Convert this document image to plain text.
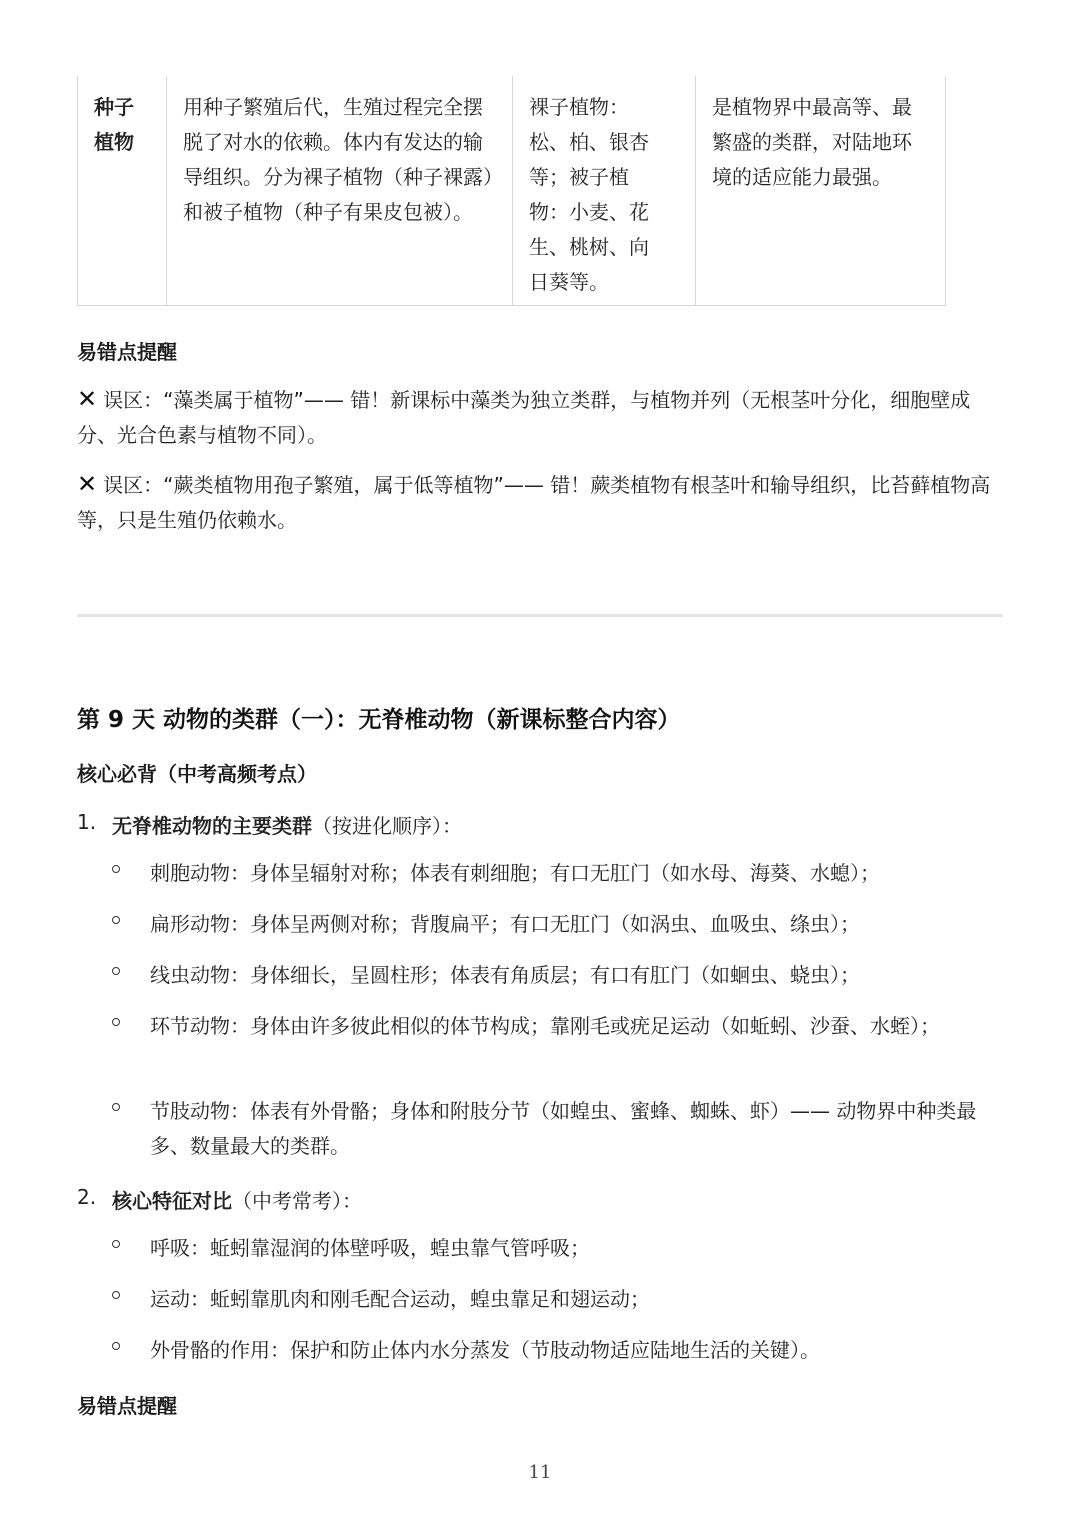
种子
植物	用种子繁殖后代，生殖过程完全摆脱了对水的依赖。体内有发达的输导组织。分为裸子植物（种子裸露）和被子植物（种子有果皮包被）。	裸子植物：松、柏、银杏等；被子植物：小麦、花生、桃树、向日葵等。	是植物界中最高等、最繁盛的类群，对陆地环境的适应能力最强。
易错点提醒
✕ 误区：“藻类属于植物”—— 错！新课标中藻类为独立类群，与植物并列（无根茎叶分化，细胞壁成分、光合色素与植物不同）。
✕ 误区：“蕨类植物用孢子繁殖，属于低等植物”—— 错！蕨类植物有根茎叶和输导组织，比苔藓植物高等，只是生殖仍依赖水。
第 9 天 动物的类群（一）：无脊椎动物（新课标整合内容）
核心必背（中考高频考点）
1. 无脊椎动物的主要类群（按进化顺序）：
刺胞动物：身体呈辐射对称；体表有刺细胞；有口无肛门（如水母、海葵、水螅）；
扁形动物：身体呈两侧对称；背腹扁平；有口无肛门（如涡虫、血吸虫、绦虫）；
线虫动物：身体细长，呈圆柱形；体表有角质层；有口有肛门（如蛔虫、蛲虫）；
环节动物：身体由许多彼此相似的体节构成；靠刚毛或疣足运动（如蚯蚓、沙蚕、水蛭）；
节肢动物：体表有外骨骼；身体和附肢分节（如蝗虫、蜜蜂、蜘蛛、虾）—— 动物界中种类最多、数量最大的类群。
2. 核心特征对比（中考常考）：
呼吸：蚯蚓靠湿润的体壁呼吸，蝗虫靠气管呼吸；
运动：蚯蚓靠肌肉和刚毛配合运动，蝗虫靠足和翅运动；
外骨骼的作用：保护和防止体内水分蒸发（节肢动物适应陆地生活的关键）。
易错点提醒
11
